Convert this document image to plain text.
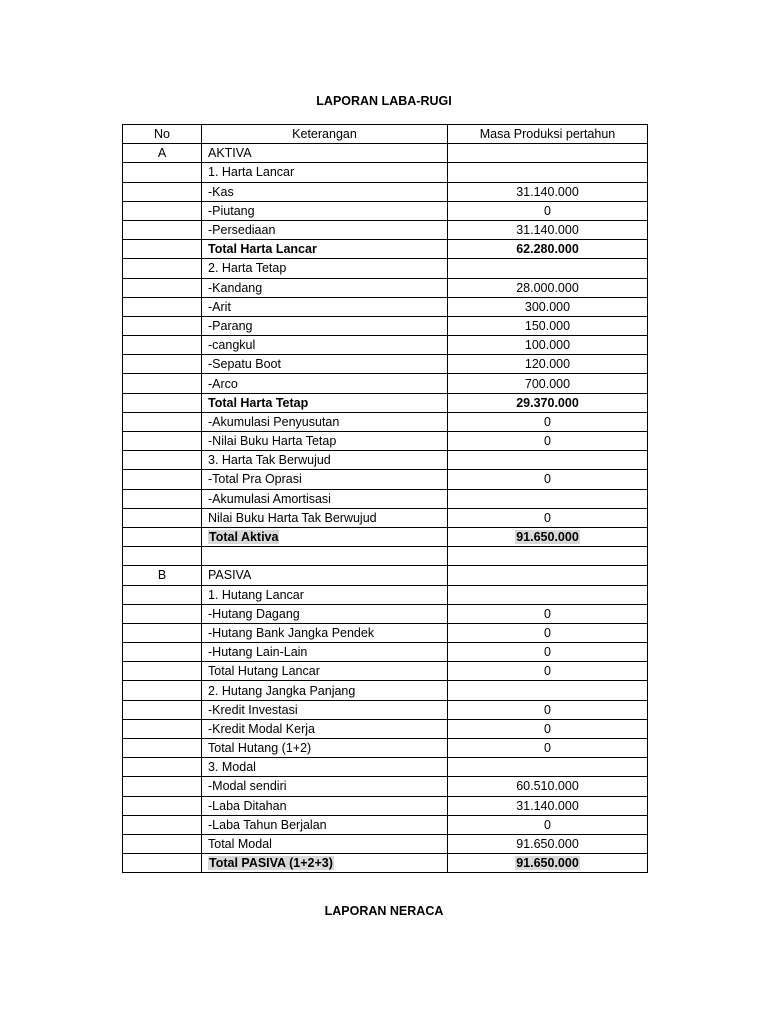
LAPORAN LABA-RUGI
No	Keterangan	Masa Produksi pertahun
A	AKTIVA	
	1. Harta Lancar	
	-Kas	31.140.000
	-Piutang	0
	-Persediaan	31.140.000
	Total Harta Lancar	62.280.000
	2. Harta Tetap	
	-Kandang	28.000.000
	-Arit	300.000
	-Parang	150.000
	-cangkul	100.000
	-Sepatu Boot	120.000
	-Arco	700.000
	Total Harta Tetap	29.370.000
	-Akumulasi Penyusutan	0
	-Nilai Buku Harta Tetap	0
	3. Harta Tak Berwujud	
	-Total Pra Oprasi	0
	-Akumulasi Amortisasi	
	Nilai Buku Harta Tak Berwujud	0
	Total Aktiva	91.650.000

B	PASIVA	
	1. Hutang Lancar	
	-Hutang Dagang	0
	-Hutang Bank Jangka Pendek	0
	-Hutang Lain-Lain	0
	Total Hutang Lancar	0
	2. Hutang Jangka Panjang	
	-Kredit Investasi	0
	-Kredit Modal Kerja	0
	Total Hutang (1+2)	0
	3. Modal	
	-Modal sendiri	60.510.000
	-Laba Ditahan	31.140.000
	-Laba Tahun Berjalan	0
	Total Modal	91.650.000
	Total PASIVA (1+2+3)	91.650.000
LAPORAN NERACA
